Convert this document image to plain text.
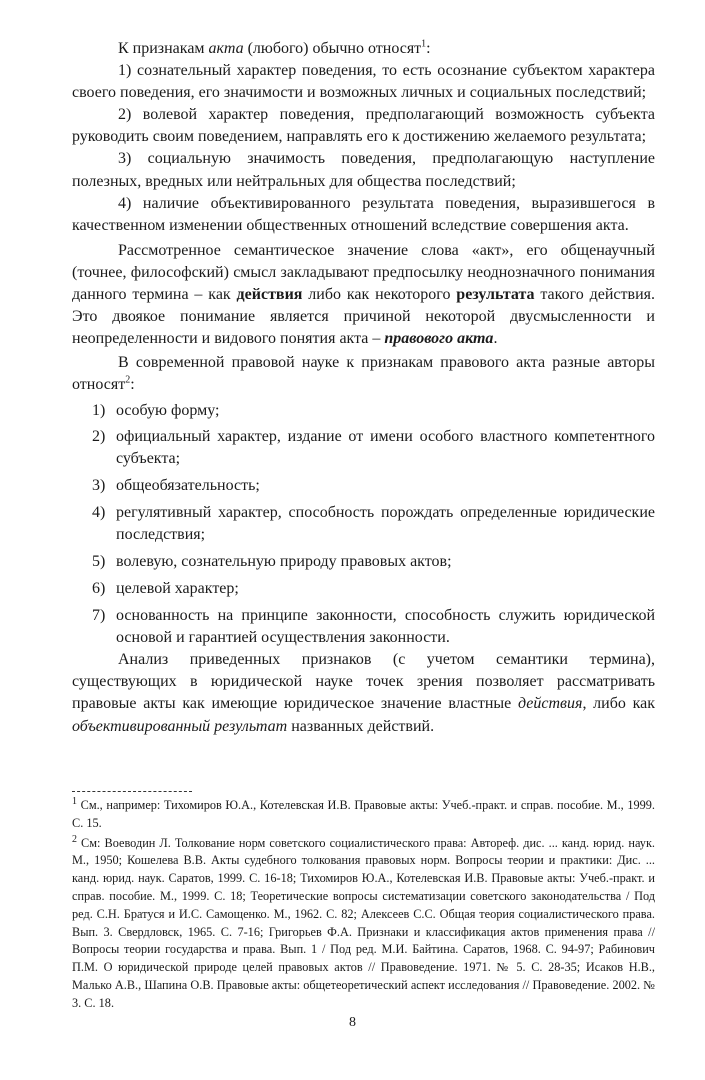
К признакам акта (любого) обычно относят$^1$:

1) сознательный характер поведения, то есть осознание субъектом характера своего поведения, его значимости и возможных личных и социальных последствий;
2) волевой характер поведения, предполагающий возможность субъекта руководить своим поведением, направлять его к достижению желаемого результата;
3) социальную значимость поведения, предполагающую наступление полезных, вредных или нейтральных для общества последствий;
4) наличие объективированного результата поведения, выразившегося в качественном изменении общественных отношений вследствие совершения акта.

Рассмотренное семантическое значение слова «акт», его общенаучный (точнее, философский) смысл закладывают предпосылку неоднозначного понимания данного термина – как действия либо как некоторого результата такого действия. Это двоякое понимание является причиной некоторой двусмысленности и неопределенности и видового понятия акта – правового акта.

В современной правовой науке к признакам правового акта разные авторы относят$^2$:

1) особую форму;
2) официальный характер, издание от имени особого властного компетентного субъекта;
3) общеобязательность;
4) регулятивный характер, способность порождать определенные юридические последствия;
5) волевую, сознательную природу правовых актов;
6) целевой характер;
7) основанность на принципе законности, способность служить юридической основой и гарантией осуществления законности.

Анализ приведенных признаков (с учетом семантики термина), существующих в юридической науке точек зрения позволяет рассматривать правовые акты как имеющие юридическое значение властные действия, либо как объективированный результат названных действий.

$^1$ См., например: Тихомиров Ю.А., Котелевская И.В. Правовые акты: Учеб.-практ. и справ. пособие. М., 1999. С. 15.

$^2$ См: Воеводин Л. Толкование норм советского социалистического права: Автореф. дис. ... канд. юрид. наук. М., 1950; Кошелева В.В. Акты судебного толкования правовых норм. Вопросы теории и практики: Дис. ... канд. юрид. наук. Саратов, 1999. С. 16-18; Тихомиров Ю.А., Котелевская И.В. Правовые акты: Учеб.-практ. и справ. пособие. М., 1999. С. 18; Теоретические вопросы систематизации советского законодательства / Под ред. С.Н. Братуся и И.С. Самощенко. М., 1962. С. 82; Алексеев С.С. Общая теория социалистического права. Вып. 3. Свердловск, 1965. С. 7-16; Григорьев Ф.А. Признаки и классификация актов применения права // Вопросы теории государства и права. Вып. 1 / Под ред. М.И. Байтина. Саратов, 1968. С. 94-97; Рабинович П.М. О юридической природе целей правовых актов // Правоведение. 1971. № 5. С. 28-35; Исаков Н.В., Малько А.В., Шапина О.В. Правовые акты: общетеоретический аспект исследования // Правоведение. 2002. № 3. С. 18.

8
